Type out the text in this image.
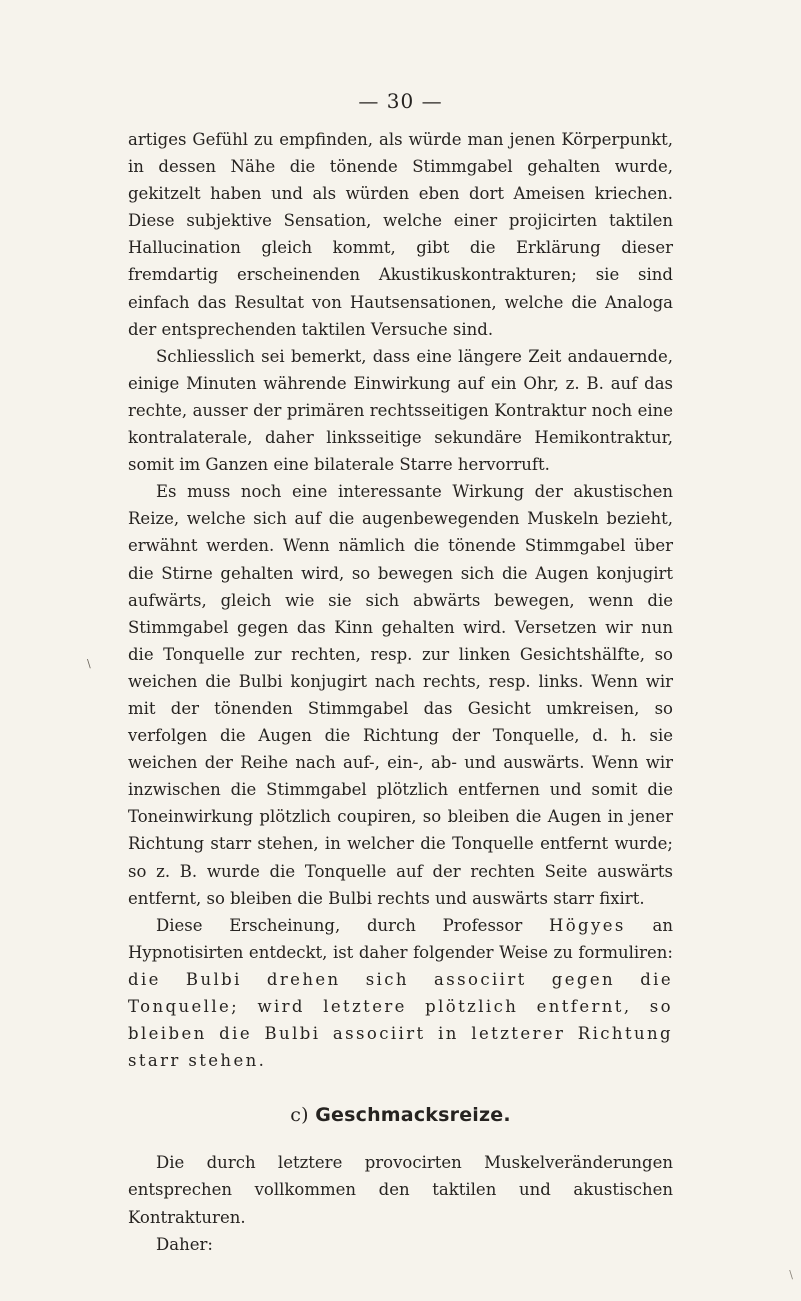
— 30 —
\

artiges Gefühl zu empfinden, als würde man jenen Körperpunkt, in dessen Nähe die tönende Stimmgabel gehalten wurde, gekitzelt haben und als würden eben dort Ameisen kriechen. Diese subjektive Sensation, welche einer projicirten taktilen Hallucination gleich kommt, gibt die Erklärung dieser fremdartig erscheinenden Akustikuskontrakturen; sie sind einfach das Resultat von Hautsensationen, welche die Analoga der entsprechenden taktilen Versuche sind.

Schliesslich sei bemerkt, dass eine längere Zeit andauernde, einige Minuten währende Einwirkung auf ein Ohr, z. B. auf das rechte, ausser der primären rechtsseitigen Kontraktur noch eine kontralaterale, daher linksseitige sekundäre Hemikontraktur, somit im Ganzen eine bilaterale Starre hervorruft.

Es muss noch eine interessante Wirkung der akustischen Reize, welche sich auf die augenbewegenden Muskeln bezieht, erwähnt werden. Wenn nämlich die tönende Stimmgabel über die Stirne gehalten wird, so bewegen sich die Augen konjugirt aufwärts, gleich wie sie sich abwärts bewegen, wenn die Stimmgabel gegen das Kinn gehalten wird. Versetzen wir nun die Tonquelle zur rechten, resp. zur linken Gesichtshälfte, so weichen die Bulbi konjugirt nach rechts, resp. links. Wenn wir mit der tönenden Stimmgabel das Gesicht umkreisen, so verfolgen die Augen die Richtung der Tonquelle, d. h. sie weichen der Reihe nach auf-, ein-, ab- und auswärts. Wenn wir inzwischen die Stimmgabel plötzlich entfernen und somit die Toneinwirkung plötzlich coupiren, so bleiben die Augen in jener Richtung starr stehen, in welcher die Tonquelle entfernt wurde; so z. B. wurde die Tonquelle auf der rechten Seite auswärts entfernt, so bleiben die Bulbi rechts und auswärts starr fixirt.

Diese Erscheinung, durch Professor Högyes an Hypnotisirten entdeckt, ist daher folgender Weise zu formuliren: die Bulbi drehen sich associirt gegen die Tonquelle; wird letztere plötzlich entfernt, so bleiben die Bulbi associirt in letzterer Richtung starr stehen.

c) Geschmacksreize.

Die durch letztere provocirten Muskelveränderungen entsprechen vollkommen den taktilen und akustischen Kontrakturen.

Daher:

\
